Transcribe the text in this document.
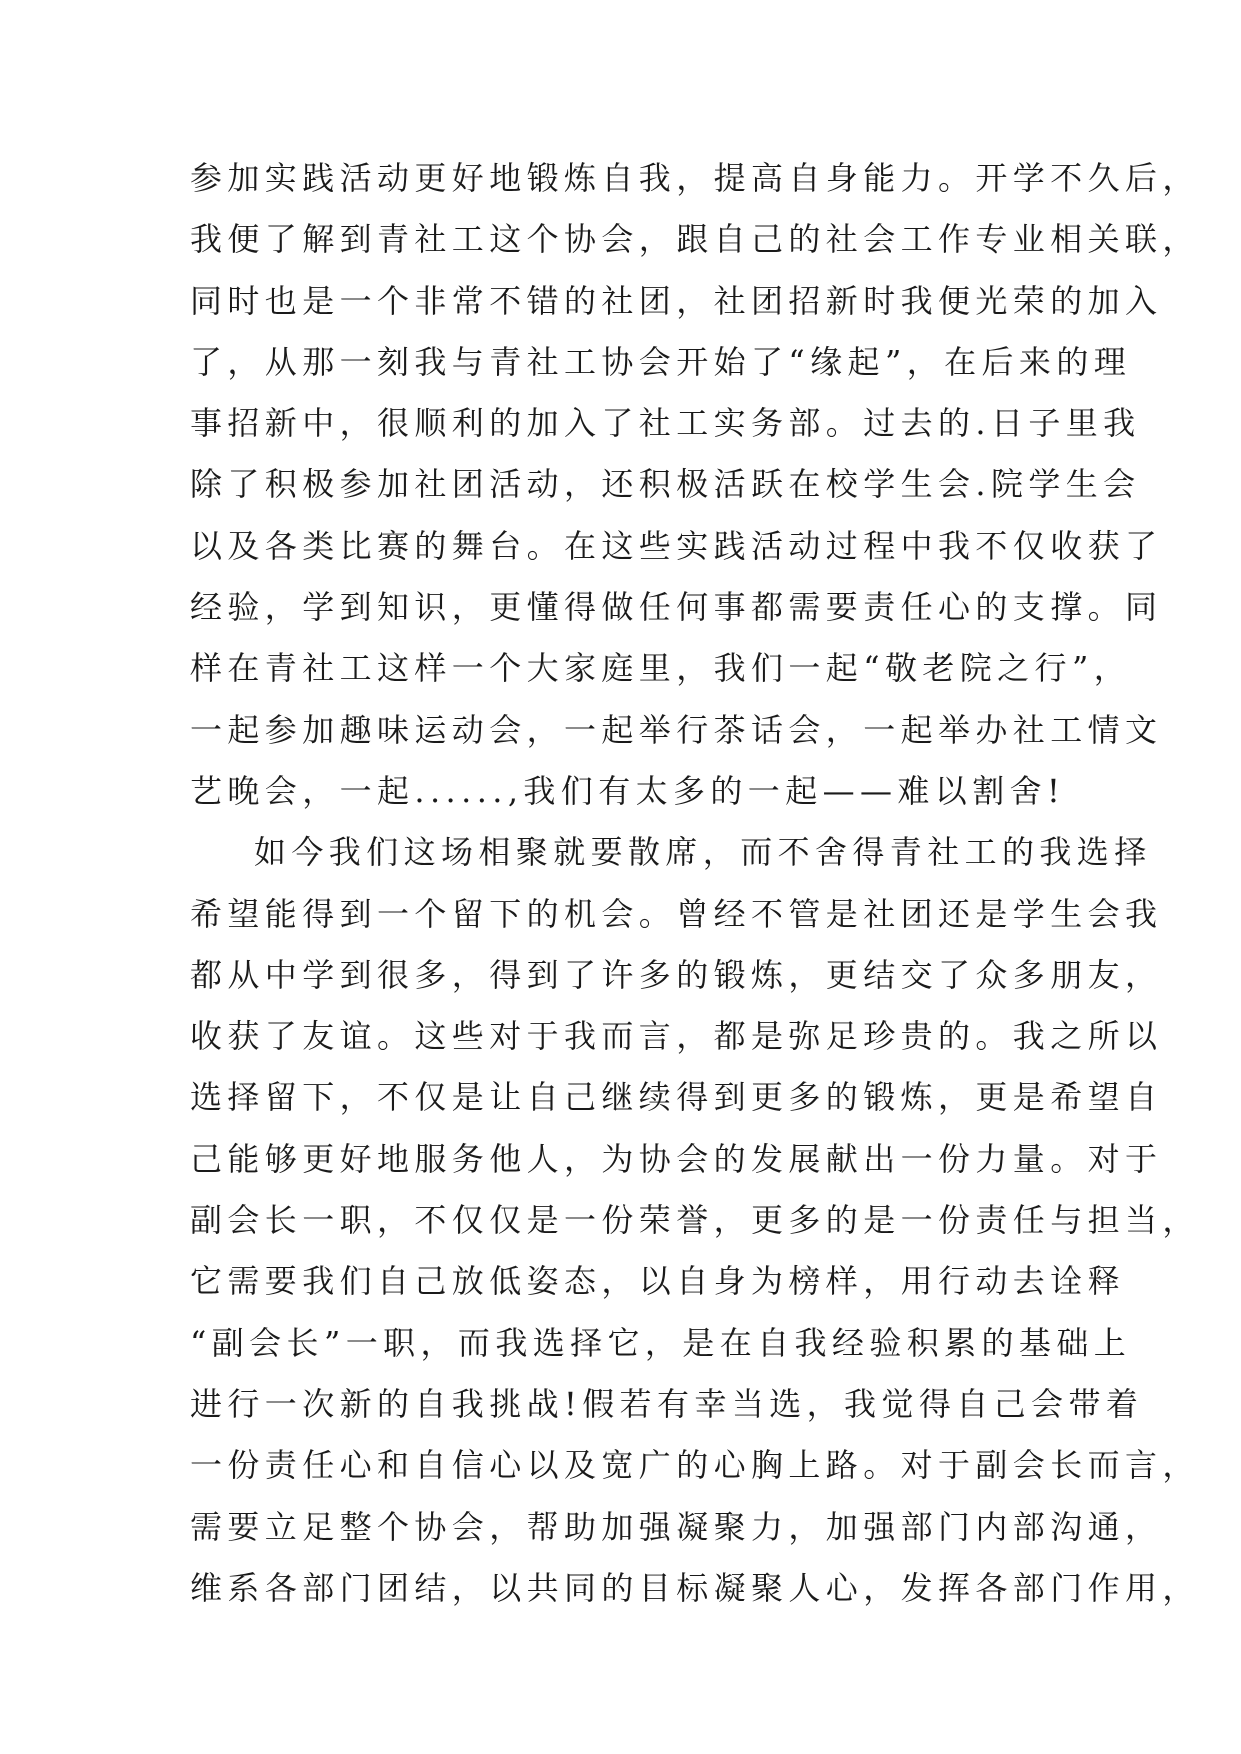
参加实践活动更好地锻炼自我，提高自身能力。开学不久后，
我便了解到青社工这个协会，跟自己的社会工作专业相关联，
同时也是一个非常不错的社团，社团招新时我便光荣的加入
了，从那一刻我与青社工协会开始了“缘起”，在后来的理
事招新中，很顺利的加入了社工实务部。过去的.日子里我
除了积极参加社团活动，还积极活跃在校学生会.院学生会
以及各类比赛的舞台。在这些实践活动过程中我不仅收获了
经验，学到知识，更懂得做任何事都需要责任心的支撑。同
样在青社工这样一个大家庭里，我们一起“敬老院之行”，
一起参加趣味运动会，一起举行茶话会，一起举办社工情文
艺晚会，一起......,我们有太多的一起——难以割舍!
如今我们这场相聚就要散席，而不舍得青社工的我选择
希望能得到一个留下的机会。曾经不管是社团还是学生会我
都从中学到很多，得到了许多的锻炼，更结交了众多朋友，
收获了友谊。这些对于我而言，都是弥足珍贵的。我之所以
选择留下，不仅是让自己继续得到更多的锻炼，更是希望自
己能够更好地服务他人，为协会的发展献出一份力量。对于
副会长一职，不仅仅是一份荣誉，更多的是一份责任与担当，
它需要我们自己放低姿态，以自身为榜样，用行动去诠释
“副会长”一职，而我选择它，是在自我经验积累的基础上
进行一次新的自我挑战!假若有幸当选，我觉得自己会带着
一份责任心和自信心以及宽广的心胸上路。对于副会长而言，
需要立足整个协会，帮助加强凝聚力，加强部门内部沟通，
维系各部门团结，以共同的目标凝聚人心，发挥各部门作用，
